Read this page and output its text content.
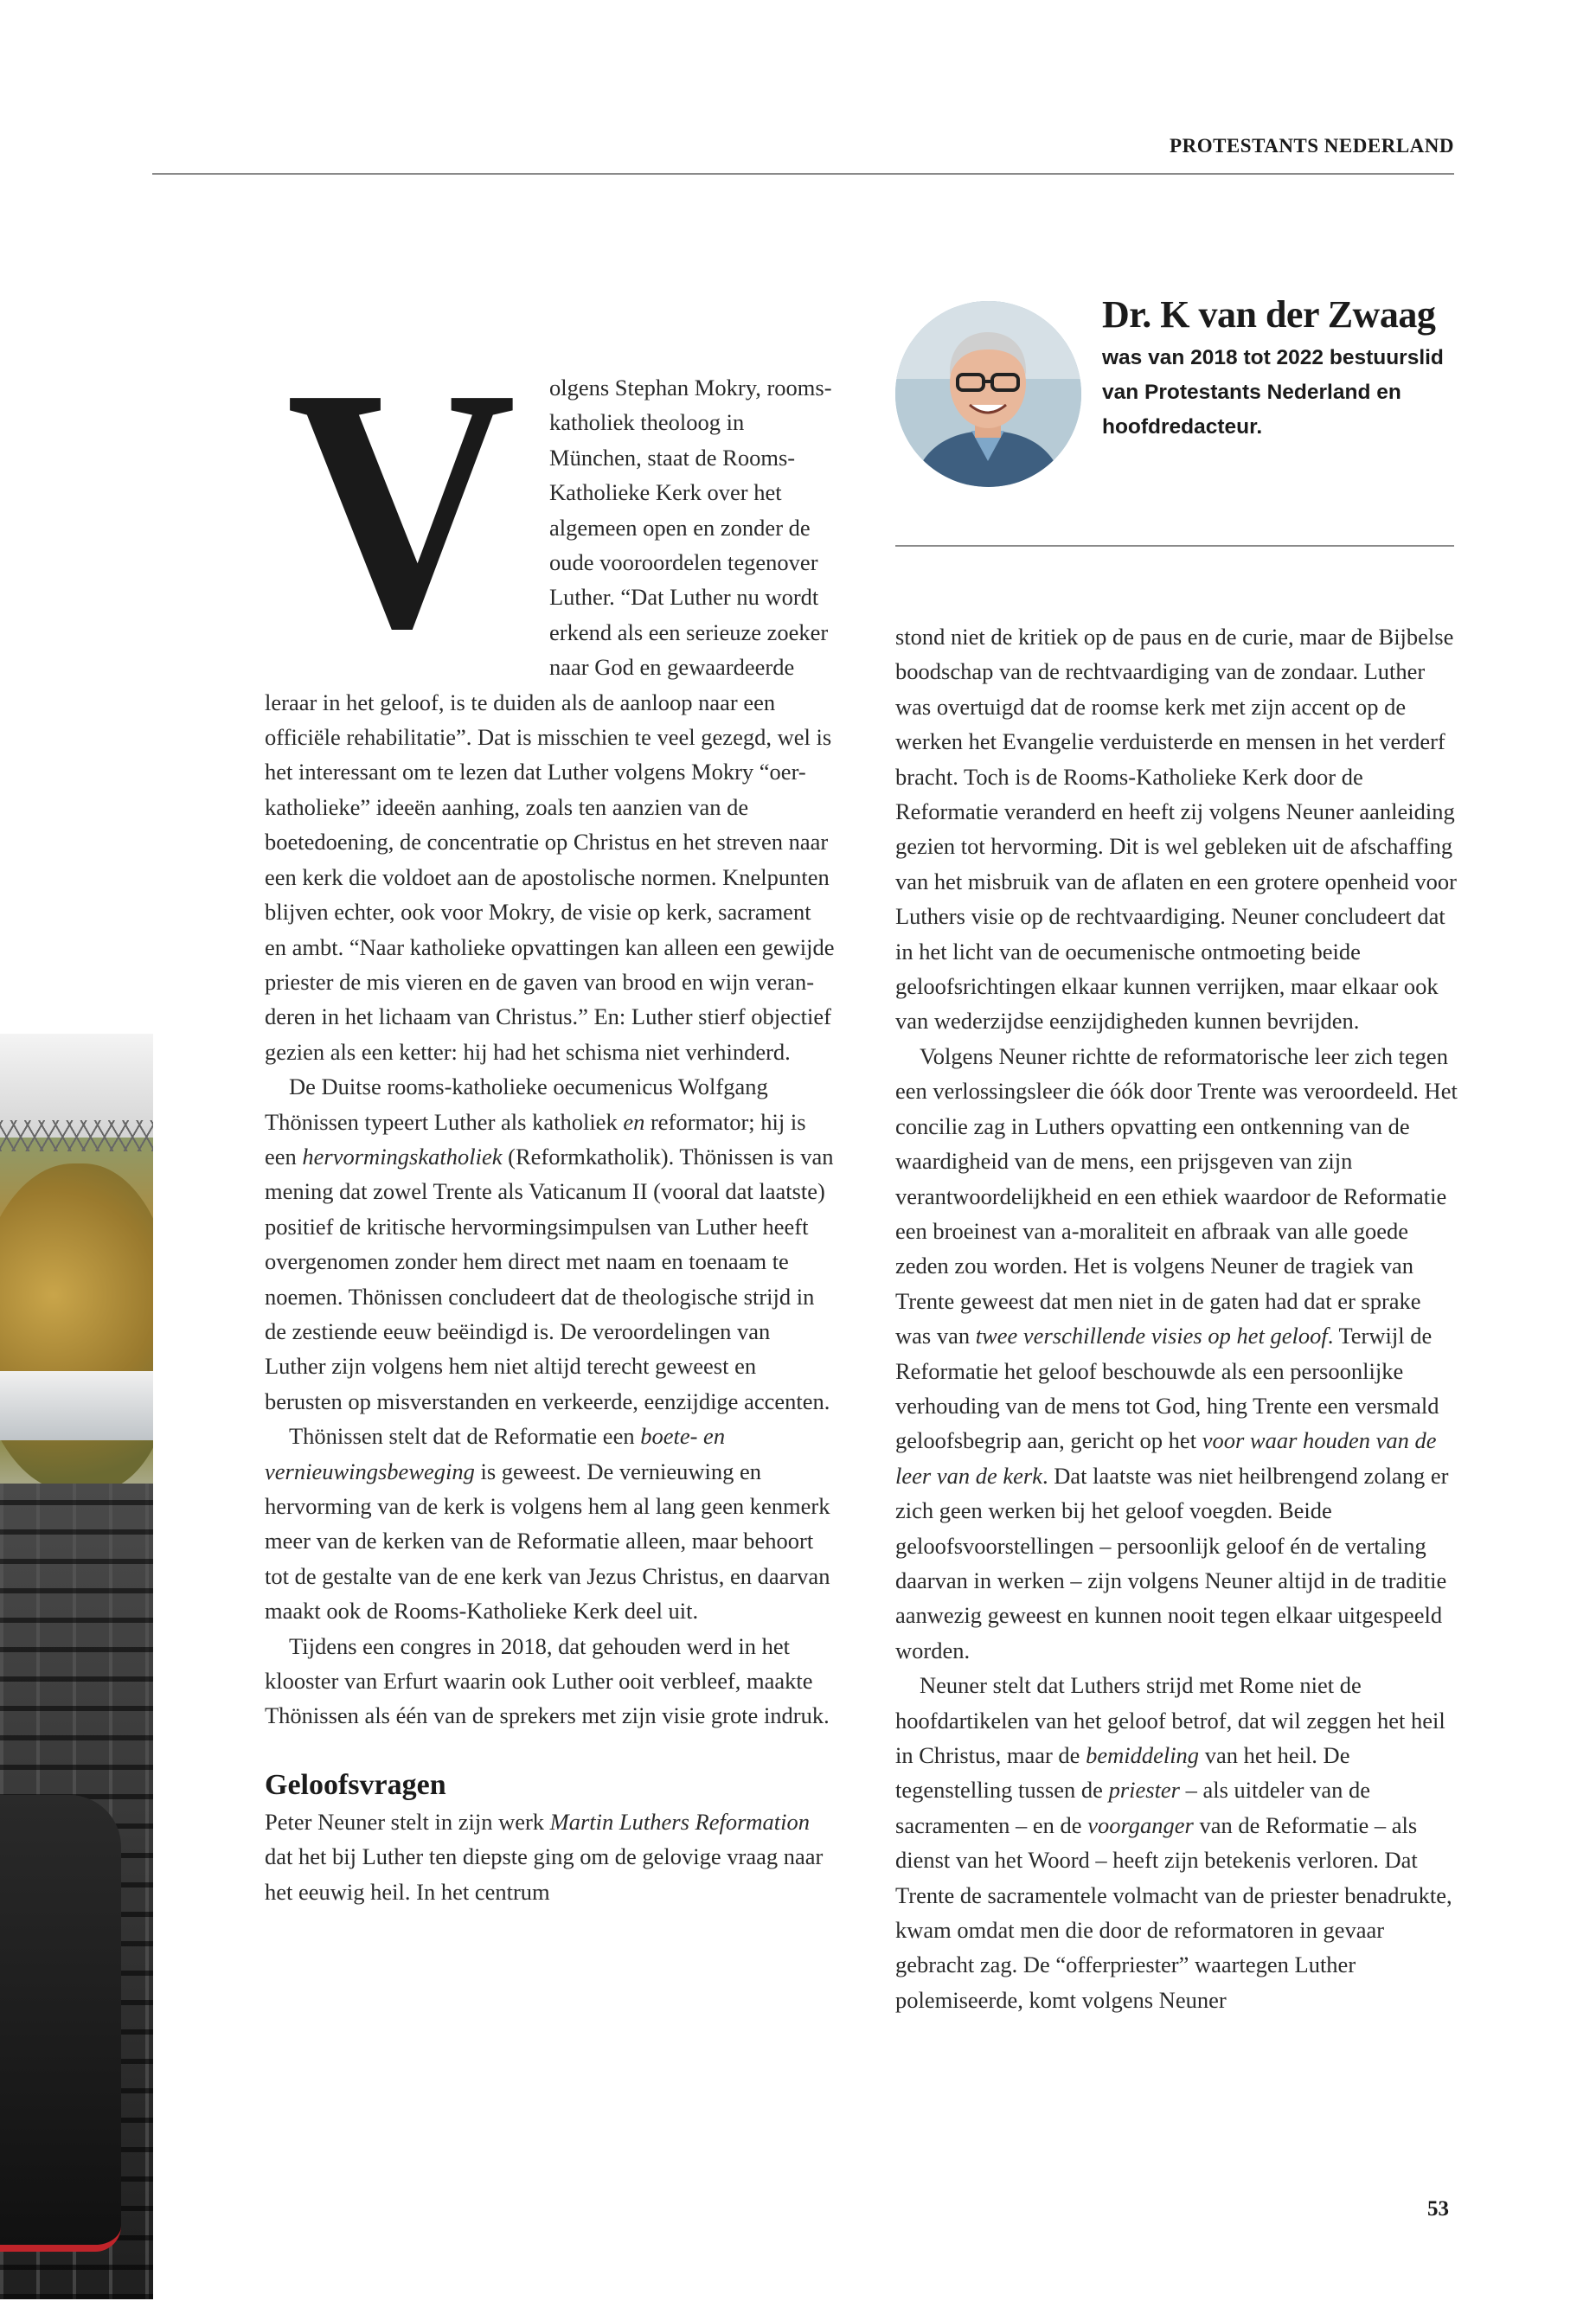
PROTESTANTS NEDERLAND
Dr. K van der Zwaag
was van 2018 tot 2022 bestuurslid van Protestants Nederland en hoofdredacteur.
V	olgens Stephan Mokry, rooms-katholiek theoloog in München, staat de Rooms-Katholieke Kerk over het algemeen open en zonder de oude vooroordelen tegenover Luther. “Dat Luther nu wordt erkend als een serieuze zoeker naar God en gewaardeerde leraar in het geloof, is te duiden als de aanloop naar een officiële rehabilitatie”. Dat is misschien te veel gezegd, wel is het interessant om te lezen dat Luther volgens Mokry “oer-katholieke” ideeën aanhing, zoals ten aanzien van de boetedoening, de concentratie op Christus en het streven naar een kerk die voldoet aan de apostolische normen. Knelpunten blijven echter, ook voor Mokry, de visie op kerk, sacrament en ambt. “Naar katholieke opvattingen kan alleen een gewijde priester de mis vieren en de gaven van brood en wijn veranderen in het lichaam van Christus.” En: Luther stierf objectief gezien als een ketter: hij had het schisma niet verhinderd.

De Duitse rooms-katholieke oecumenicus Wolfgang Thönissen typeert Luther als katholiek en reformator; hij is een hervormingskatholiek (Reformkatholik). Thönissen is van mening dat zowel Trente als Vaticanum II (vooral dat laatste) positief de kritische hervormingsimpulsen van Luther heeft overgenomen zonder hem direct met naam en toenaam te noemen. Thönissen concludeert dat de theologische strijd in de zestiende eeuw beëindigd is. De veroordelingen van Luther zijn volgens hem niet altijd terecht geweest en berusten op misverstanden en verkeerde, eenzijdige accenten.

Thönissen stelt dat de Reformatie een boete- en vernieuwingsbeweging is geweest. De vernieuwing en hervorming van de kerk is volgens hem al lang geen kenmerk meer van de kerken van de Reformatie alleen, maar behoort tot de gestalte van de ene kerk van Jezus Christus, en daarvan maakt ook de Rooms-Katholieke Kerk deel uit.

Tijdens een congres in 2018, dat gehouden werd in het klooster van Erfurt waarin ook Luther ooit verbleef, maakte Thönissen als één van de sprekers met zijn visie grote indruk.

Geloofsvragen

Peter Neuner stelt in zijn werk Martin Luthers Reformation dat het bij Luther ten diepste ging om de gelovige vraag naar het eeuwig heil. In het centrum

stond niet de kritiek op de paus en de curie, maar de Bijbelse boodschap van de rechtvaardiging van de zondaar. Luther was overtuigd dat de roomse kerk met zijn accent op de werken het Evangelie verduisterde en mensen in het verderf bracht. Toch is de Rooms-Katholieke Kerk door de Reformatie veranderd en heeft zij volgens Neuner aanleiding gezien tot hervorming. Dit is wel gebleken uit de afschaffing van het misbruik van de aflaten en een grotere openheid voor Luthers visie op de rechtvaardiging. Neuner concludeert dat in het licht van de oecumenische ontmoeting beide geloofsrichtingen elkaar kunnen verrijken, maar elkaar ook van wederzijdse eenzijdigheden kunnen bevrijden.

Volgens Neuner richtte de reformatorische leer zich tegen een verlossingsleer die óók door Trente was veroordeeld. Het concilie zag in Luthers opvatting een ontkenning van de waardigheid van de mens, een prijsgeven van zijn verantwoordelijkheid en een ethiek waardoor de Reformatie een broeinest van a-moraliteit en afbraak van alle goede zeden zou worden. Het is volgens Neuner de tragiek van Trente geweest dat men niet in de gaten had dat er sprake was van twee verschillende visies op het geloof. Terwijl de Reformatie het geloof beschouwde als een persoonlijke verhouding van de mens tot God, hing Trente een versmald geloofsbegrip aan, gericht op het voor waar houden van de leer van de kerk. Dat laatste was niet heilbrengend zolang er zich geen werken bij het geloof voegden. Beide geloofsvoorstellingen – persoonlijk geloof én de vertaling daarvan in werken – zijn volgens Neuner altijd in de traditie aanwezig geweest en kunnen nooit tegen elkaar uitgespeeld worden.

Neuner stelt dat Luthers strijd met Rome niet de hoofdartikelen van het geloof betrof, dat wil zeggen het heil in Christus, maar de bemiddeling van het heil. De tegenstelling tussen de priester – als uitdeler van de sacramenten – en de voorganger van de Reformatie – als dienst van het Woord – heeft zijn betekenis verloren. Dat Trente de sacramentele volmacht van de priester benadrukte, kwam omdat men die door de reformatoren in gevaar gebracht zag. De “offerpriester” waartegen Luther polemiseerde, komt volgens Neuner

53
